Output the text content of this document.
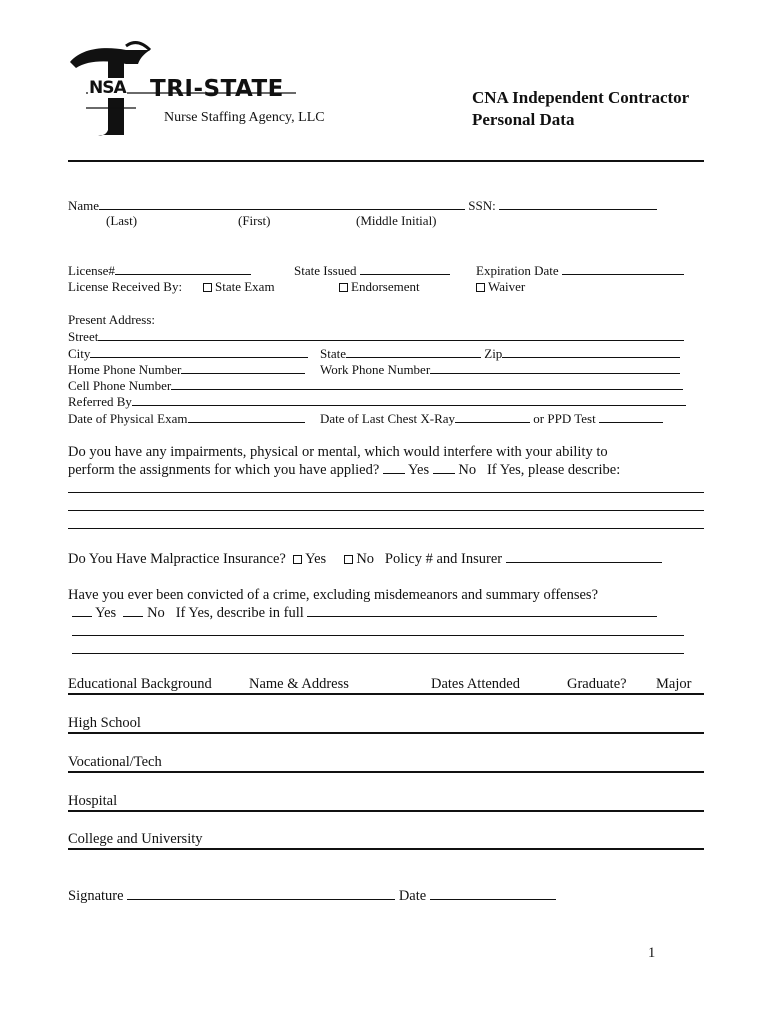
NSA TRI-STATE
Nurse Staffing Agency, LLC
CNA Independent Contractor
Personal Data
Name	SSN:
(Last)	(First)	(Middle Initial)
License#	State Issued	Expiration Date
License Received By:	State Exam	Endorsement	Waiver
Present Address:
Street
City	State	Zip
Home Phone Number	Work Phone Number
Cell Phone Number
Referred By
Date of Physical Exam	Date of Last Chest X-Ray	or PPD Test
Do you have any impairments, physical or mental, which would interfere with your ability to
perform the assignments for which you have applied? Yes No If Yes, please describe:
Do You Have Malpractice Insurance? Yes No Policy # and Insurer
Have you ever been convicted of a crime, excluding misdemeanors and summary offenses?
Yes No If Yes, describe in full
Educational Background	Name & Address	Dates Attended	Graduate? Major
High School
Vocational/Tech
Hospital
College and University
Signature	Date
1
